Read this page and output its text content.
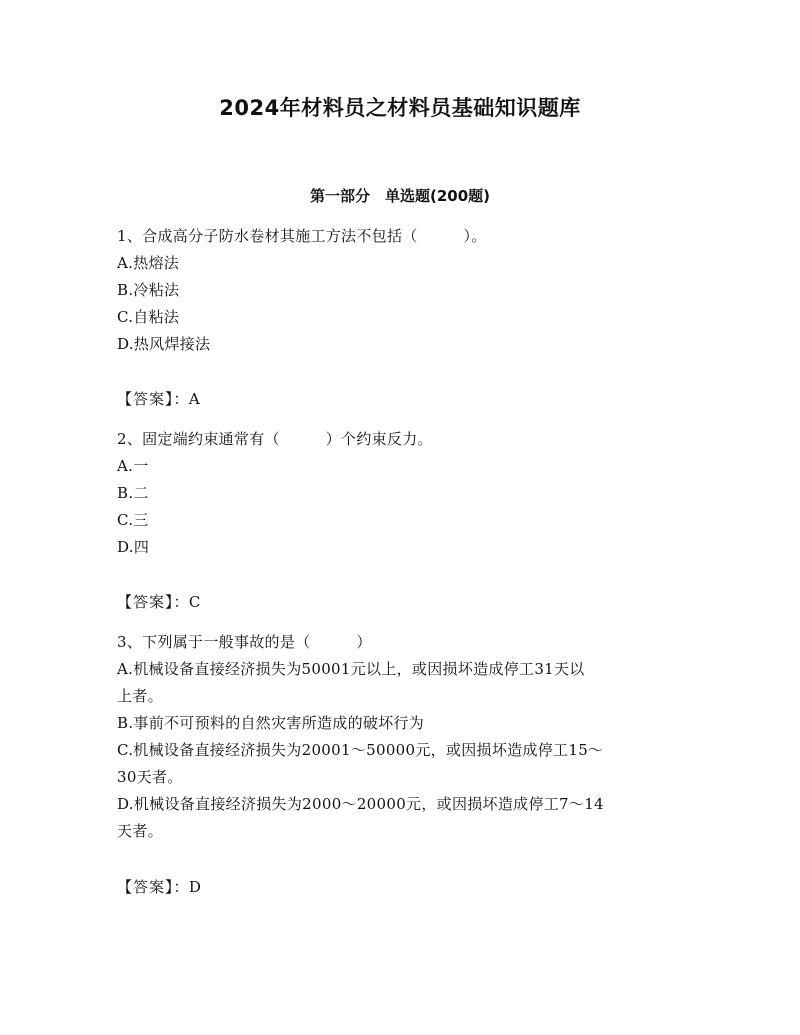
2024年材料员之材料员基础知识题库
第一部分　单选题(200题)
1、合成高分子防水卷材其施工方法不包括（　　　）。
A.热熔法
B.冷粘法
C.自粘法
D.热风焊接法
【答案】：A
2、固定端约束通常有（　　　）个约束反力。
A.一
B.二
C.三
D.四
【答案】：C
3、下列属于一般事故的是（　　　）
A.机械设备直接经济损失为50001元以上，或因损坏造成停工31天以
上者。
B.事前不可预料的自然灾害所造成的破坏行为
C.机械设备直接经济损失为20001～50000元，或因损坏造成停工15～
30天者。
D.机械设备直接经济损失为2000～20000元，或因损坏造成停工7～14
天者。
【答案】：D
